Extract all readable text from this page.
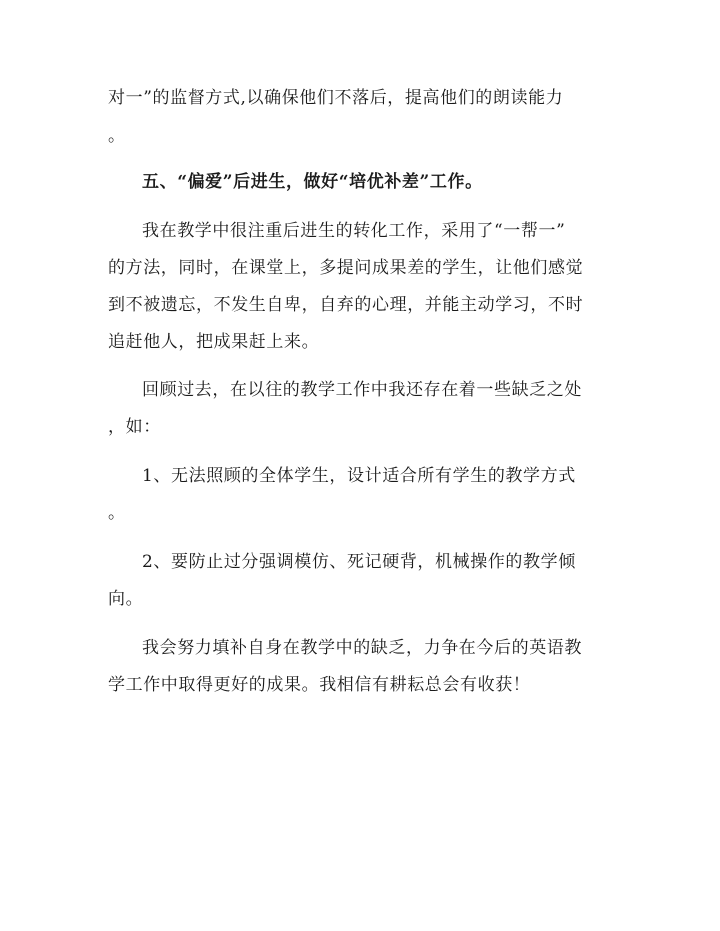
对一”的监督方式,以确保他们不落后，提高他们的朗读能力
。
五、“偏爱”后进生，做好“培优补差”工作。
我在教学中很注重后进生的转化工作，采用了“一帮一”
的方法，同时，在课堂上，多提问成果差的学生，让他们感觉
到不被遗忘，不发生自卑，自弃的心理，并能主动学习，不时
追赶他人，把成果赶上来。
回顾过去，在以往的教学工作中我还存在着一些缺乏之处
，如：
1、无法照顾的全体学生，设计适合所有学生的教学方式
。
2、要防止过分强调模仿、死记硬背，机械操作的教学倾
向。
我会努力填补自身在教学中的缺乏，力争在今后的英语教
学工作中取得更好的成果。我相信有耕耘总会有收获！
